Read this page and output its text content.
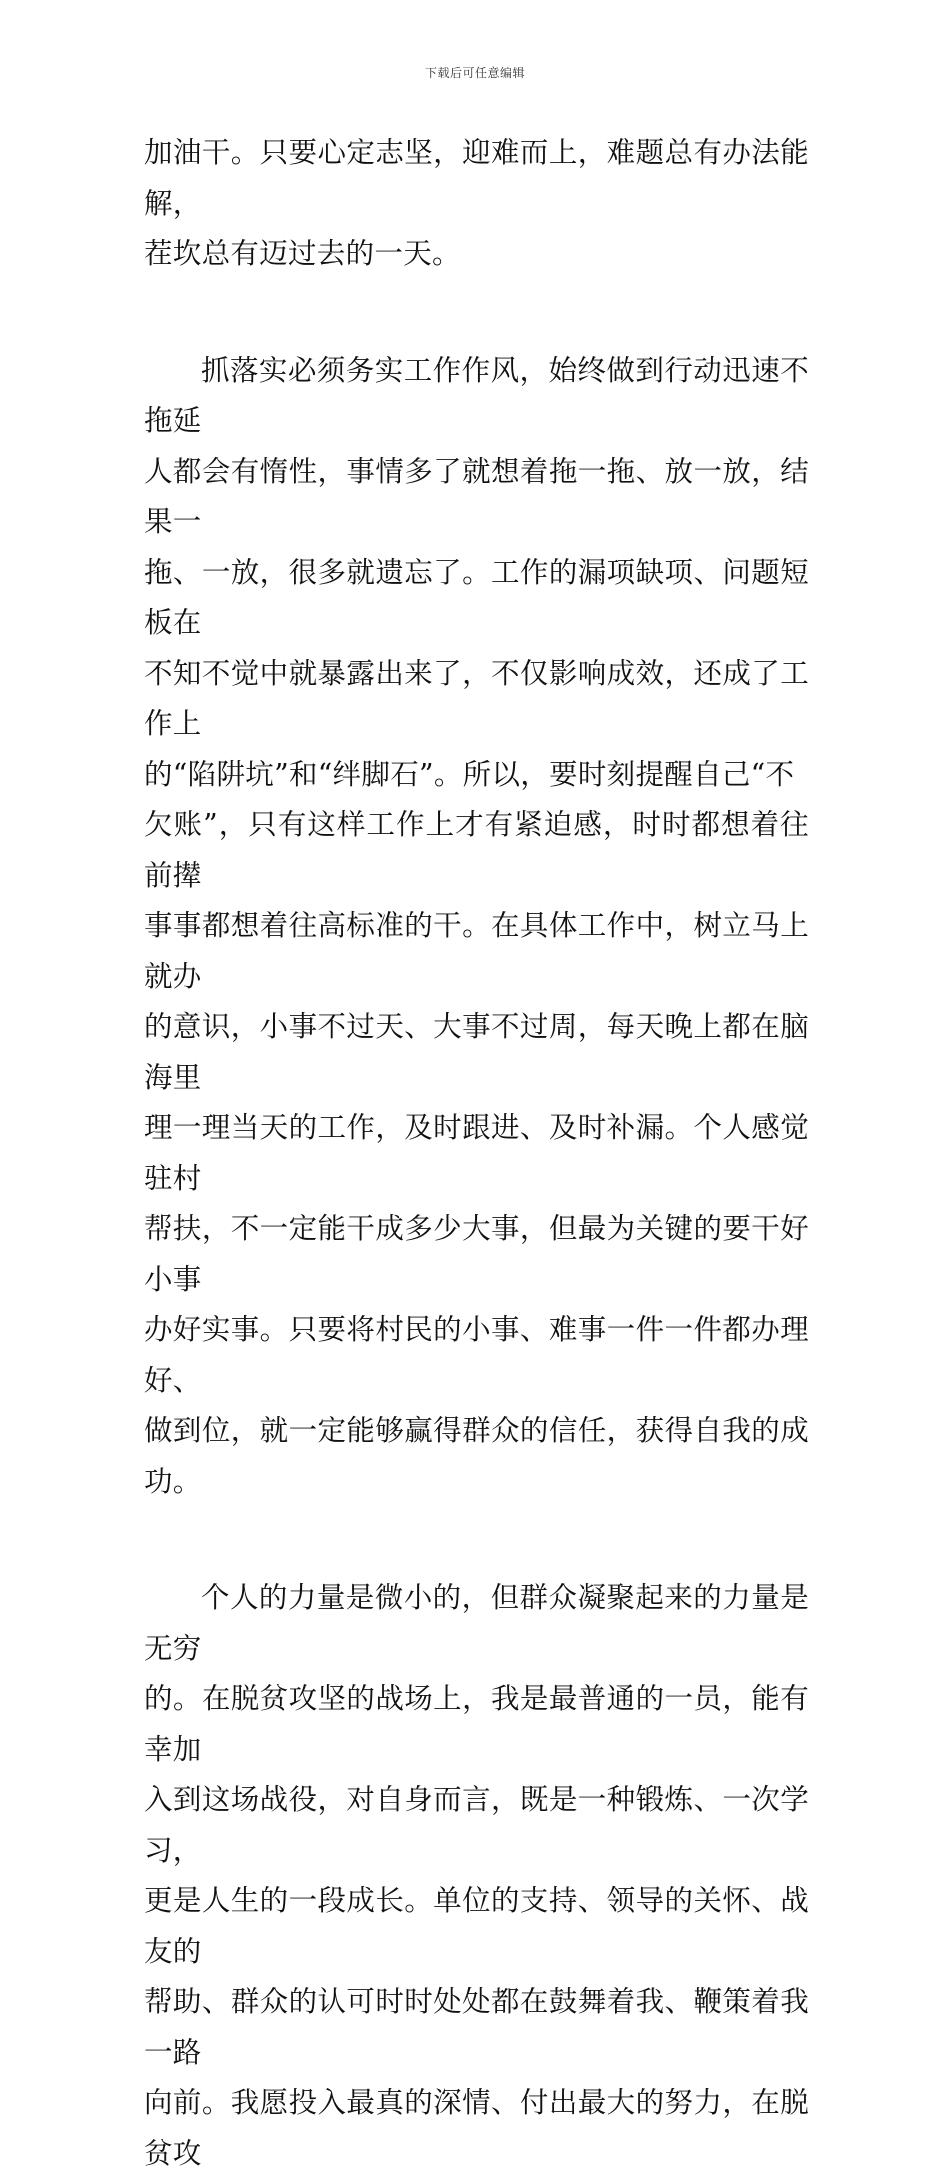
下载后可任意编辑

加油干。只要心定志坚，迎难而上，难题总有办法能解，
茬坎总有迈过去的一天。

抓落实必须务实工作作风，始终做到行动迅速不拖延
人都会有惰性，事情多了就想着拖一拖、放一放，结果一
拖、一放，很多就遗忘了。工作的漏项缺项、问题短板在
不知不觉中就暴露出来了，不仅影响成效，还成了工作上
的“陷阱坑”和“绊脚石”。所以，要时刻提醒自己“不
欠账”，只有这样工作上才有紧迫感，时时都想着往前撵
事事都想着往高标准的干。在具体工作中，树立马上就办
的意识，小事不过天、大事不过周，每天晚上都在脑海里
理一理当天的工作，及时跟进、及时补漏。个人感觉驻村
帮扶，不一定能干成多少大事，但最为关键的要干好小事
办好实事。只要将村民的小事、难事一件一件都办理好、
做到位，就一定能够赢得群众的信任，获得自我的成功。

个人的力量是微小的，但群众凝聚起来的力量是无穷
的。在脱贫攻坚的战场上，我是最普通的一员，能有幸加
入到这场战役，对自身而言，既是一种锻炼、一次学习，
更是人生的一段成长。单位的支持、领导的关怀、战友的
帮助、群众的认可时时处处都在鼓舞着我、鞭策着我一路
向前。我愿投入最真的深情、付出最大的努力，在脱贫攻
